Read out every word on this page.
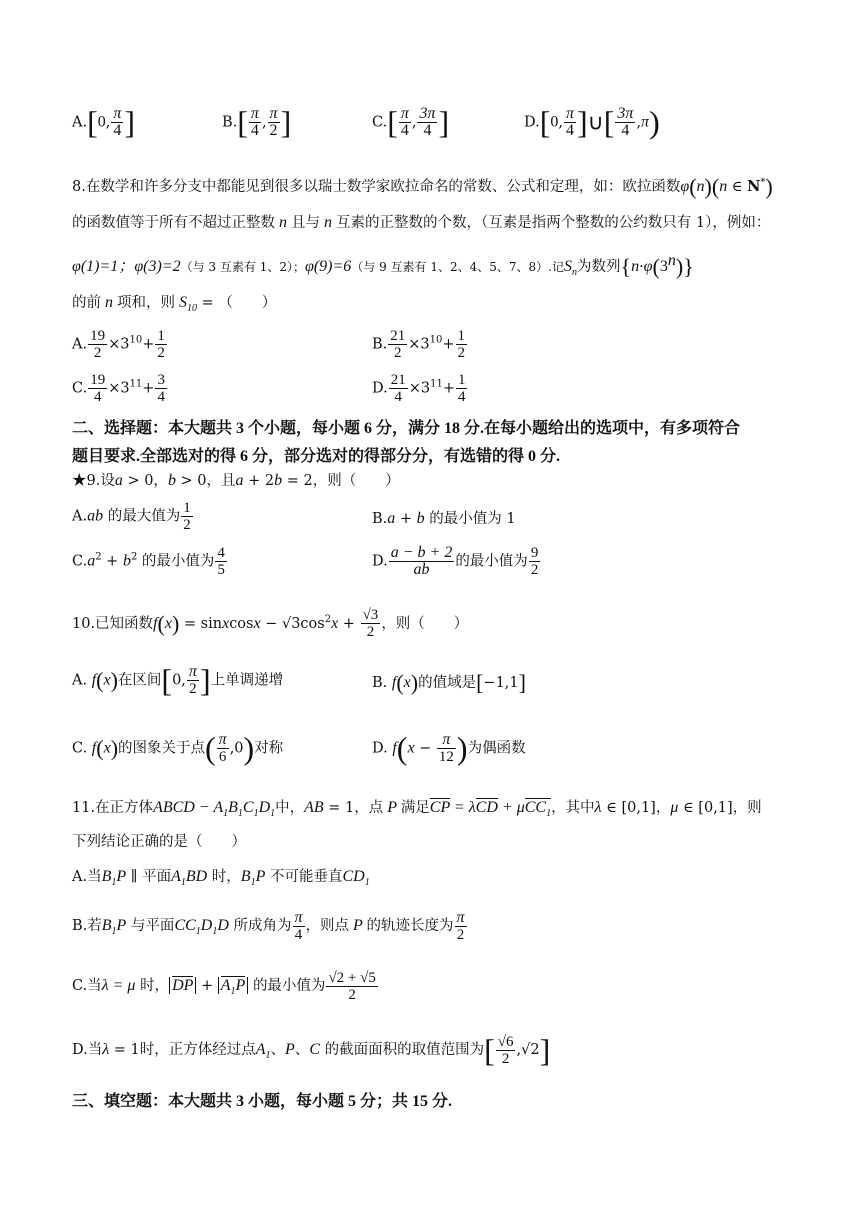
A.[0, $\frac{\pi}{4}$ ]	$B.[ \frac{\pi}{4}$ , $\frac{\pi}{2}$ ]	$C.[ \frac{\pi}{4}$ , $\frac{3\pi}{4}$ ]	D.[0, $\frac{\pi}{4}$ ]∪[ $\frac{3\pi}{4} ,\pi$)
8.在数学和许多分支中都能见到很多以瑞士数学家欧拉命名的常数、公式和定理，如：欧拉函数φ̇(n)(n ∈ N*)
的函数值等于所有不超过正整数 n 且与 n 互素的正整数的个数，（互素是指两个整数的公约数只有 1），例如：
φ(1)=1；φ(3)=2（与 3 互素有 1、2）；φ(9)=6（与 9 互素有 1、2、4、5、7、8）.记$S_n$为数列$\{n\cdot\varphi(3^n)\}$
的前 n 项和，则 $S_{10}$ = （　　）
A. $\frac{19}{2} \times 3^{10}+ \frac{1}{2}$	B. $\frac{21}{2} \times 3^{10}+ \frac{1}{2}$
C. $\frac{19}{4} \times 3^{11}+ \frac{3}{4}$	D. $\frac{21}{4} \times 3^{11}+ \frac{1}{4}$
二、选择题：本大题共 3 个小题，每小题 6 分，满分 18 分.在每小题给出的选项中，有多项符合
题目要求.全部选对的得 6 分，部分选对的得部分分，有选错的得 0 分.
★9.设a > 0，b > 0，且a + 2b = 2，则（　　）
A.ab 的最大值为 $\frac{1}{2}$	B.a + b 的最小值为 1
$C.a^2 + b^2$ 的最小值为 $\frac{4}{5}$	D. $\frac{a - b + 2}{ab}$ 的最小值为 $\frac{9}{2}$
10.已知函数f(x) = sinxcosx − $√3\cos^2x + \frac{√3}{2}$ ，则（　　）
A. f(x)在区间[0, $\frac{\pi}{2}$ ]上单调递增	B. f(x)的值域是[−1,1]
C. f(x)的图象关于点( $\frac{\pi}{6} ,0$)对称	D. $f(x - \frac{\pi}{12}$ )为偶函数
11.在正方体ABCD − $A_1B_1C_1D_1$中，AB = 1，点 P 满足CP = λCD + μCC$_1$，其中λ ∈ [0,1]，μ ∈ [0,1]，则
下列结论正确的是（　　）
A.当$B_1P$ ∥ 平面$A_1BD$ 时，$B_1P$ 不可能垂直$CD_1$
B.若$B_1P$ 与平面$CC_1D_1D$ 所成角为 $\frac{\pi}{4}$ ，则点 P 的轨迹长度为 $\frac{\pi}{2}$
C.当λ = μ 时， DP + $A_1P$ 的最小值为 $\frac{√2 + √5}{2}$
D.当λ = 1时，正方体经过点$A_1$、P、C 的截面面积的取值范围为[ $\frac{√6}{2} ,√2$]
三、填空题：本大题共 3 小题，每小题 5 分；共 15 分.
